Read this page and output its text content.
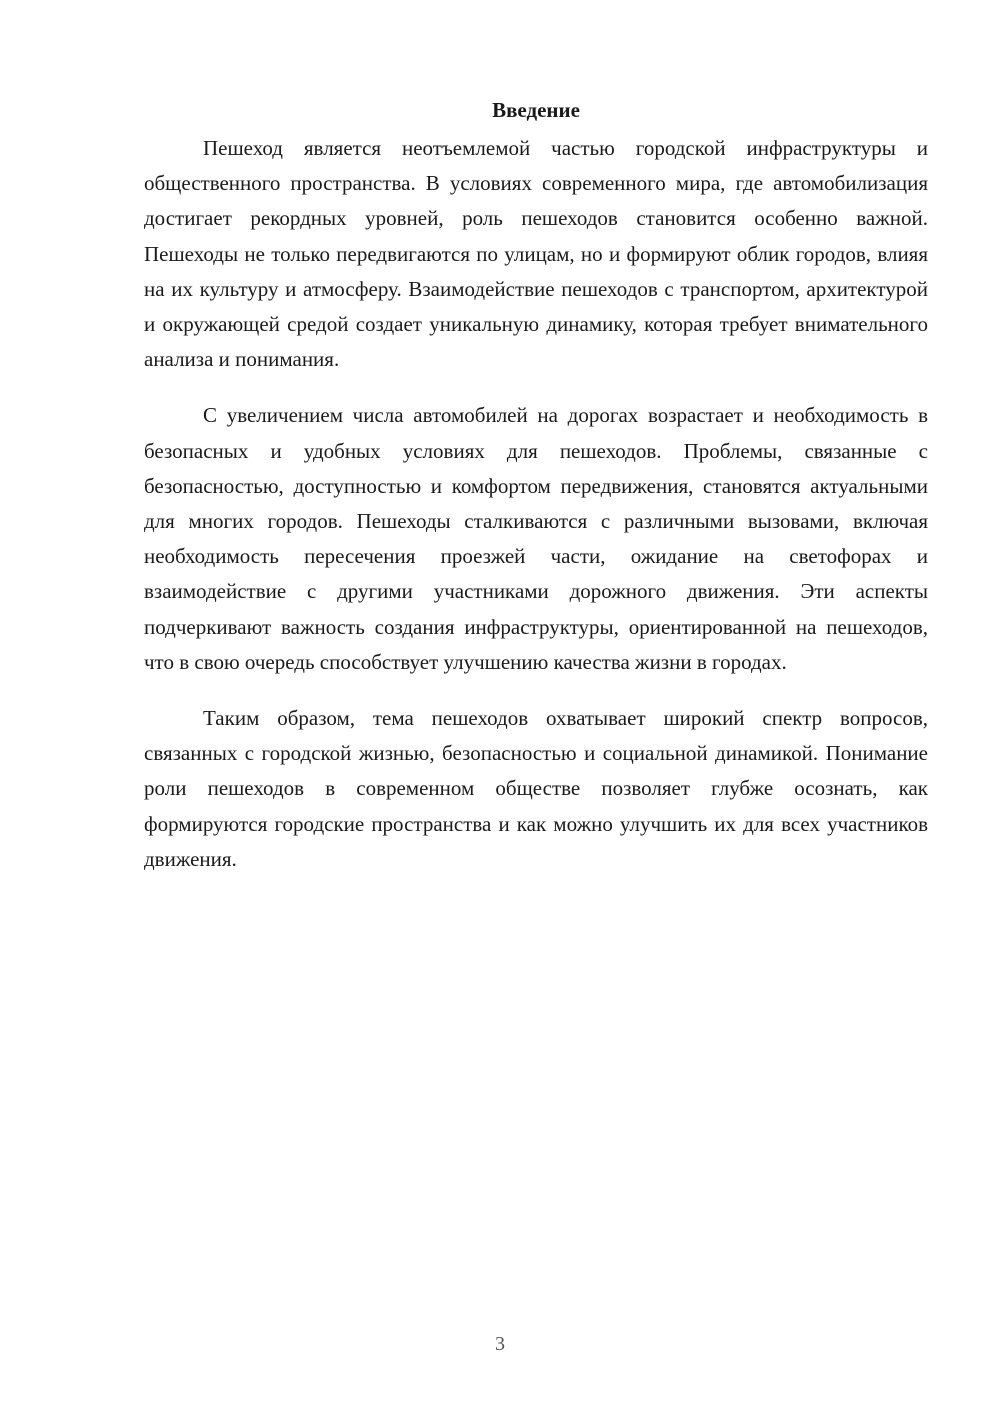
Введение

Пешеход является неотъемлемой частью городской инфраструктуры и общественного пространства. В условиях современного мира, где автомобилизация достигает рекордных уровней, роль пешеходов становится особенно важной. Пешеходы не только передвигаются по улицам, но и формируют облик городов, влияя на их культуру и атмосферу. Взаимодействие пешеходов с транспортом, архитектурой и окружающей средой создает уникальную динамику, которая требует внимательного анализа и понимания.

С увеличением числа автомобилей на дорогах возрастает и необходимость в безопасных и удобных условиях для пешеходов. Проблемы, связанные с безопасностью, доступностью и комфортом передвижения, становятся актуальными для многих городов. Пешеходы сталкиваются с различными вызовами, включая необходимость пересечения проезжей части, ожидание на светофорах и взаимодействие с другими участниками дорожного движения. Эти аспекты подчеркивают важность создания инфраструктуры, ориентированной на пешеходов, что в свою очередь способствует улучшению качества жизни в городах.

Таким образом, тема пешеходов охватывает широкий спектр вопросов, связанных с городской жизнью, безопасностью и социальной динамикой. Понимание роли пешеходов в современном обществе позволяет глубже осознать, как формируются городские пространства и как можно улучшить их для всех участников движения.

3
